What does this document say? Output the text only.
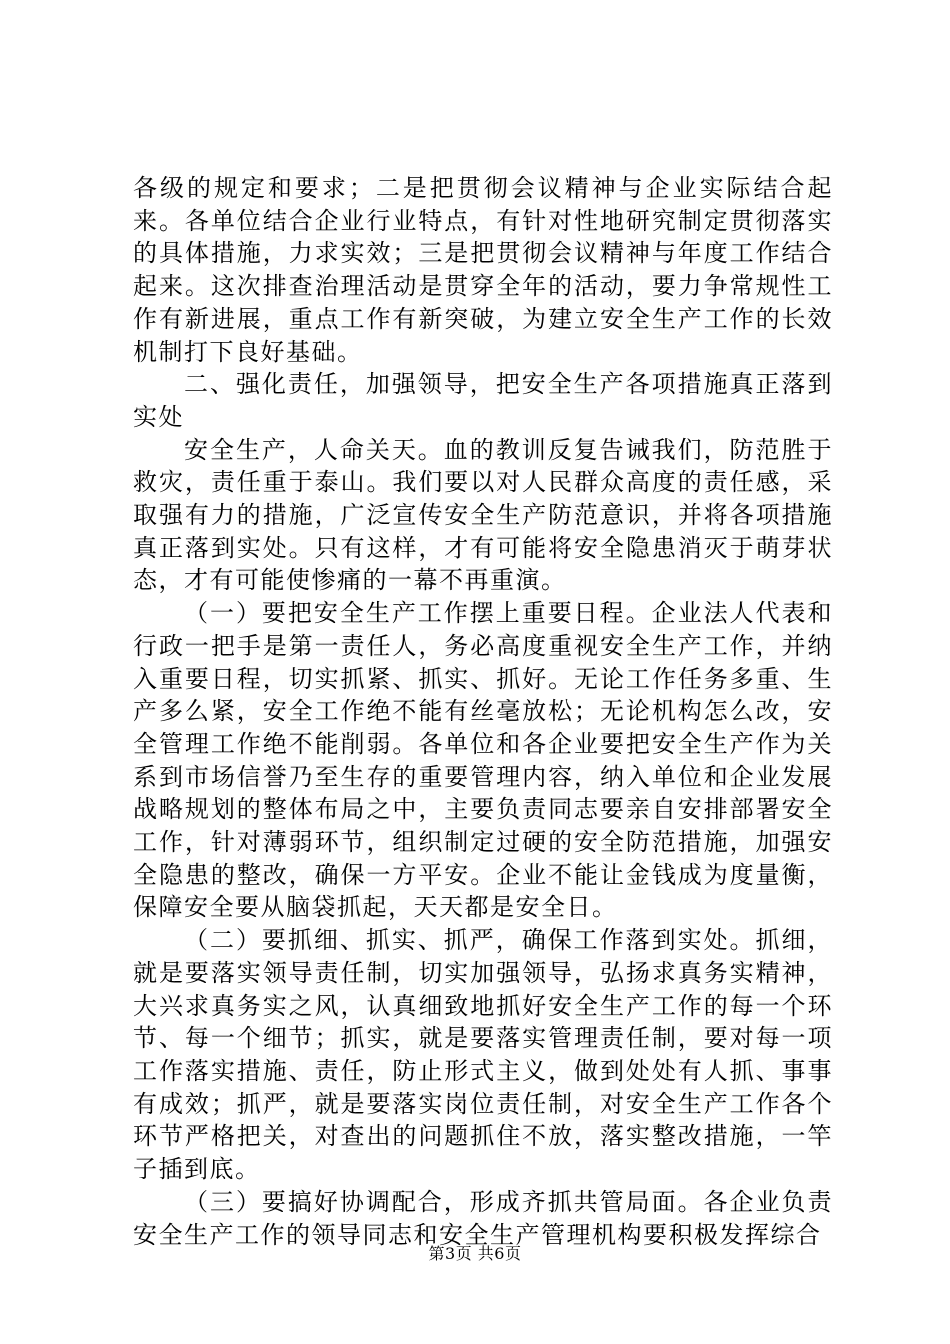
各级的规定和要求；二是把贯彻会议精神与企业实际结合起来。各单位结合企业行业特点，有针对性地研究制定贯彻落实的具体措施，力求实效；三是把贯彻会议精神与年度工作结合起来。这次排查治理活动是贯穿全年的活动，要力争常规性工作有新进展，重点工作有新突破，为建立安全生产工作的长效机制打下良好基础。

二、强化责任，加强领导，把安全生产各项措施真正落到实处

安全生产，人命关天。血的教训反复告诫我们，防范胜于救灾，责任重于泰山。我们要以对人民群众高度的责任感，采取强有力的措施，广泛宣传安全生产防范意识，并将各项措施真正落到实处。只有这样，才有可能将安全隐患消灭于萌芽状态，才有可能使惨痛的一幕不再重演。

（一）要把安全生产工作摆上重要日程。企业法人代表和行政一把手是第一责任人，务必高度重视安全生产工作，并纳入重要日程，切实抓紧、抓实、抓好。无论工作任务多重、生产多么紧，安全工作绝不能有丝毫放松；无论机构怎么改，安全管理工作绝不能削弱。各单位和各企业要把安全生产作为关系到市场信誉乃至生存的重要管理内容，纳入单位和企业发展战略规划的整体布局之中，主要负责同志要亲自安排部署安全工作，针对薄弱环节，组织制定过硬的安全防范措施，加强安全隐患的整改，确保一方平安。企业不能让金钱成为度量衡，保障安全要从脑袋抓起，天天都是安全日。

（二）要抓细、抓实、抓严，确保工作落到实处。抓细，就是要落实领导责任制，切实加强领导，弘扬求真务实精神，大兴求真务实之风，认真细致地抓好安全生产工作的每一个环节、每一个细节；抓实，就是要落实管理责任制，要对每一项工作落实措施、责任，防止形式主义，做到处处有人抓、事事有成效；抓严，就是要落实岗位责任制，对安全生产工作各个环节严格把关，对查出的问题抓住不放，落实整改措施，一竿子插到底。

（三）要搞好协调配合，形成齐抓共管局面。各企业负责安全生产工作的领导同志和安全生产管理机构要积极发挥综合

第3页 共6页
